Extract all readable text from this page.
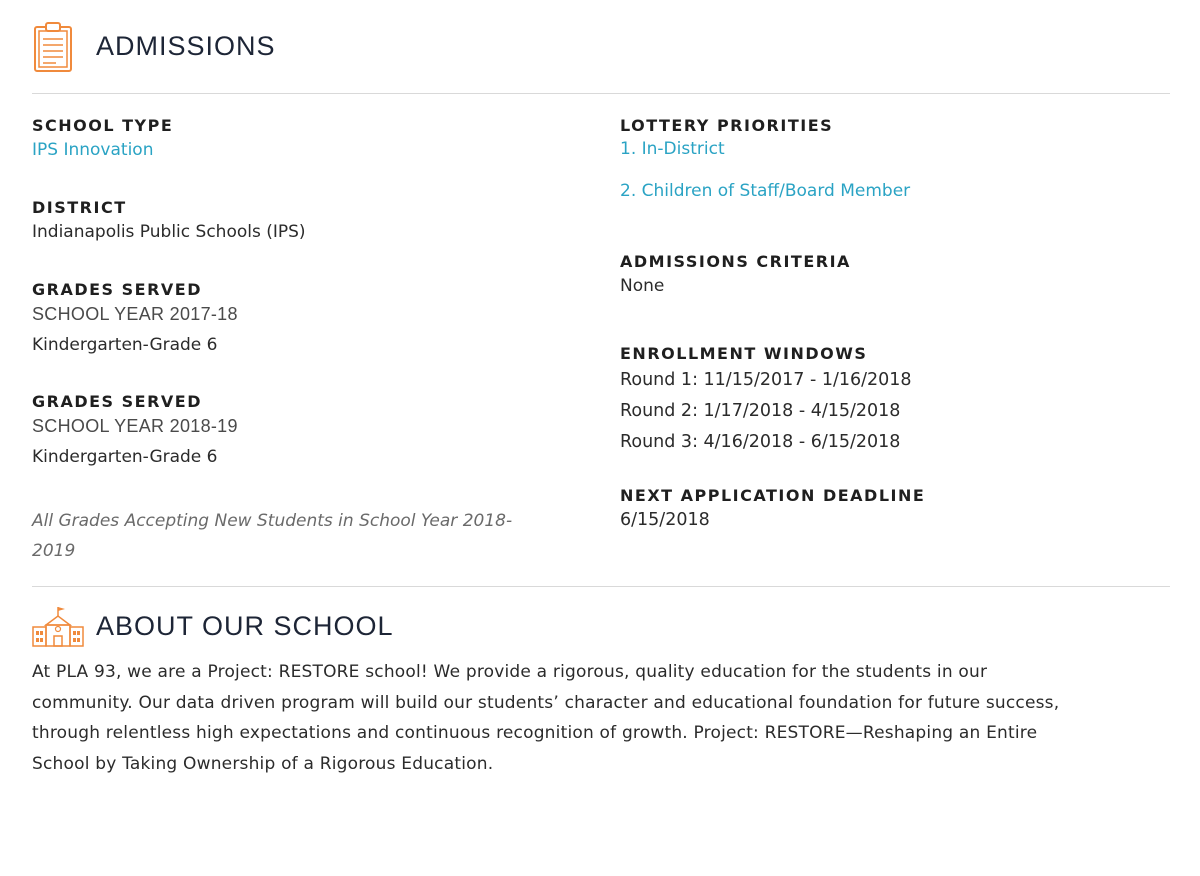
ADMISSIONS

SCHOOL TYPE

IPS Innovation

DISTRICT

Indianapolis Public Schools (IPS)

GRADES SERVED

SCHOOL YEAR 2017-18

Kindergarten-Grade 6

GRADES SERVED

SCHOOL YEAR 2018-19

Kindergarten-Grade 6

All Grades Accepting New Students in School Year 2018-

2019

LOTTERY PRIORITIES

1. In-District

2. Children of Staff/Board Member

ADMISSIONS CRITERIA

None

ENROLLMENT WINDOWS

Round 1: 11/15/2017 - 1/16/2018

Round 2: 1/17/2018 - 4/15/2018

Round 3: 4/16/2018 - 6/15/2018

NEXT APPLICATION DEADLINE

6/15/2018

ABOUT OUR SCHOOL

At PLA 93, we are a Project: RESTORE school! We provide a rigorous, quality education for the students in our

community. Our data driven program will build our students’ character and educational foundation for future success,

through relentless high expectations and continuous recognition of growth. Project: RESTORE—Reshaping an Entire

School by Taking Ownership of a Rigorous Education.
